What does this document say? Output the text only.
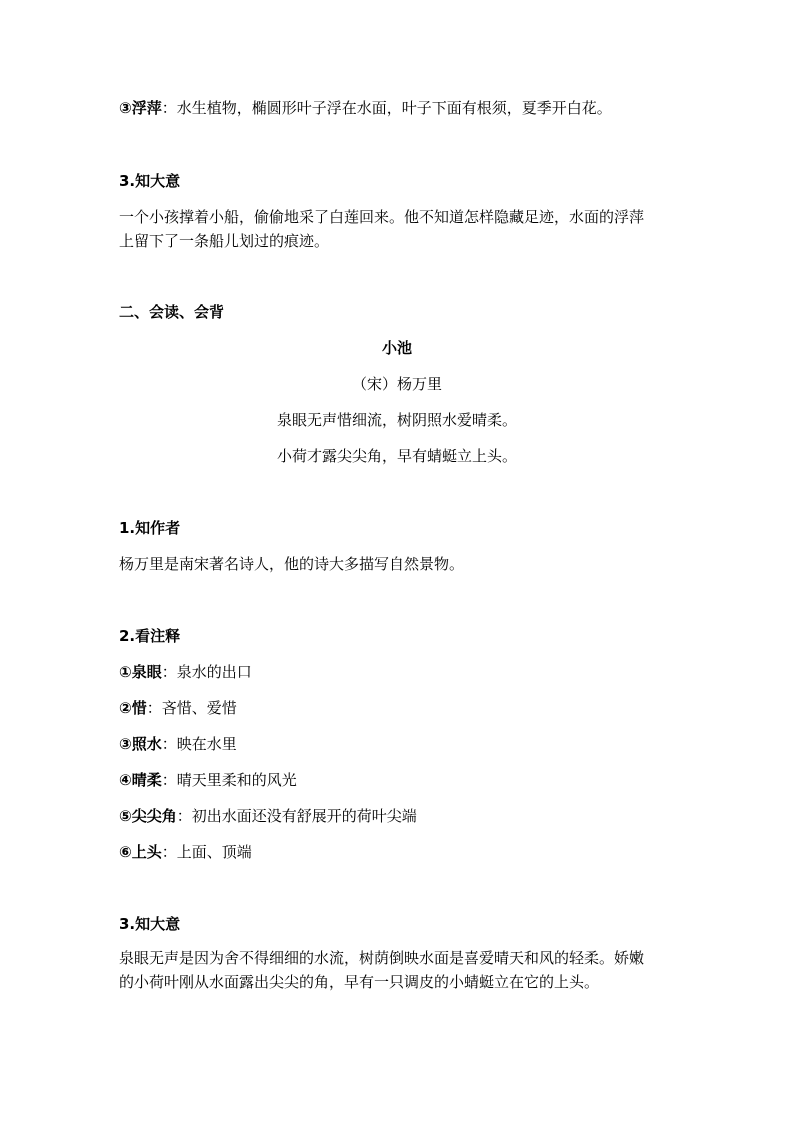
③浮萍：水生植物，椭圆形叶子浮在水面，叶子下面有根须，夏季开白花。
3.知大意
一个小孩撑着小船，偷偷地采了白莲回来。他不知道怎样隐藏足迹，水面的浮萍
上留下了一条船儿划过的痕迹。
二、会读、会背
小池
（宋）杨万里
泉眼无声惜细流，树阴照水爱晴柔。
小荷才露尖尖角，早有蜻蜓立上头。
1.知作者
杨万里是南宋著名诗人，他的诗大多描写自然景物。
2.看注释
①泉眼：泉水的出口
②惜：吝惜、爱惜
③照水：映在水里
④晴柔：晴天里柔和的风光
⑤尖尖角：初出水面还没有舒展开的荷叶尖端
⑥上头：上面、顶端
3.知大意
泉眼无声是因为舍不得细细的水流，树荫倒映水面是喜爱晴天和风的轻柔。娇嫩
的小荷叶刚从水面露出尖尖的角，早有一只调皮的小蜻蜓立在它的上头。
